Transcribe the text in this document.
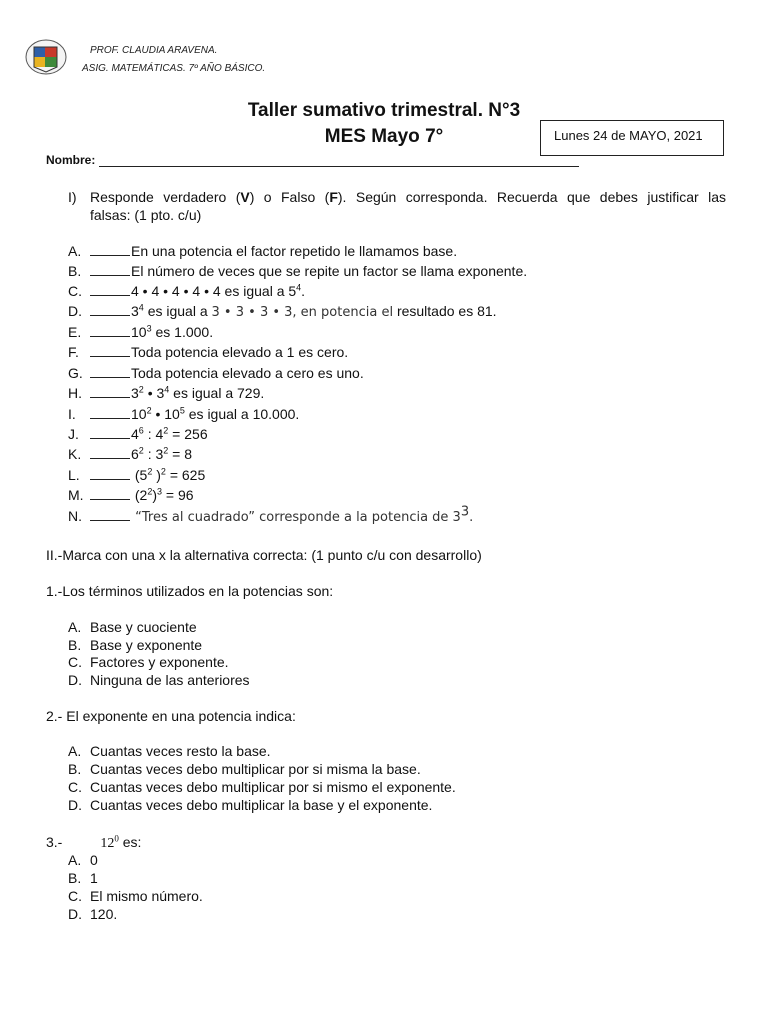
PROF. CLAUDIA ARAVENA.
ASIG. MATEMÁTICAS. 7º AÑO BÁSICO.
Taller sumativo trimestral. N°3
MES Mayo 7°	Lunes 24 de MAYO, 2021
Nombre:
I) Responde verdadero (V) o Falso (F). Según corresponda. Recuerda que debes justificar las
falsas: (1 pto. c/u)
A.	En una potencia el factor repetido le llamamos base.
B.	El número de veces que se repite un factor se llama exponente.
C.	4 • 4 • 4 • 4 • 4 es igual a $5^4$.
D.	$3^4$ es igual a 3 • 3 • 3 • 3, en potencia el resultado es 81.
E.	$10^3$ es 1.000.
F.	Toda potencia elevado a 1 es cero.
G.	Toda potencia elevado a cero es uno.
H.	$3^2$ • $3^4$ es igual a 729.
I.	$10^2$ • $10^5$ es igual a 10.000.
J.	$4^6$ : $4^2 = 256$
K.	$6^2$ : $3^2 = 8$
L.	($5^2$ )$^2$ = 625
M.	$(2^2)^3 = 96$
N.	“Tres al cuadrado” corresponde a la potencia de $3^3$.
II.-Marca con una x la alternativa correcta: (1 punto c/u con desarrollo)
1.-Los términos utilizados en la potencias son:
A. Base y cuociente
B. Base y exponente
C. Factores y exponente.
D. Ninguna de las anteriores
2.- El exponente en una potencia indica:
A. Cuantas veces resto la base.
B. Cuantas veces debo multiplicar por si misma la base.
C. Cuantas veces debo multiplicar por si mismo el exponente.
D. Cuantas veces debo multiplicar la base y el exponente.
3.-	$12^0$ es:
A. 0
B. 1
C. El mismo número.
D. 120.
